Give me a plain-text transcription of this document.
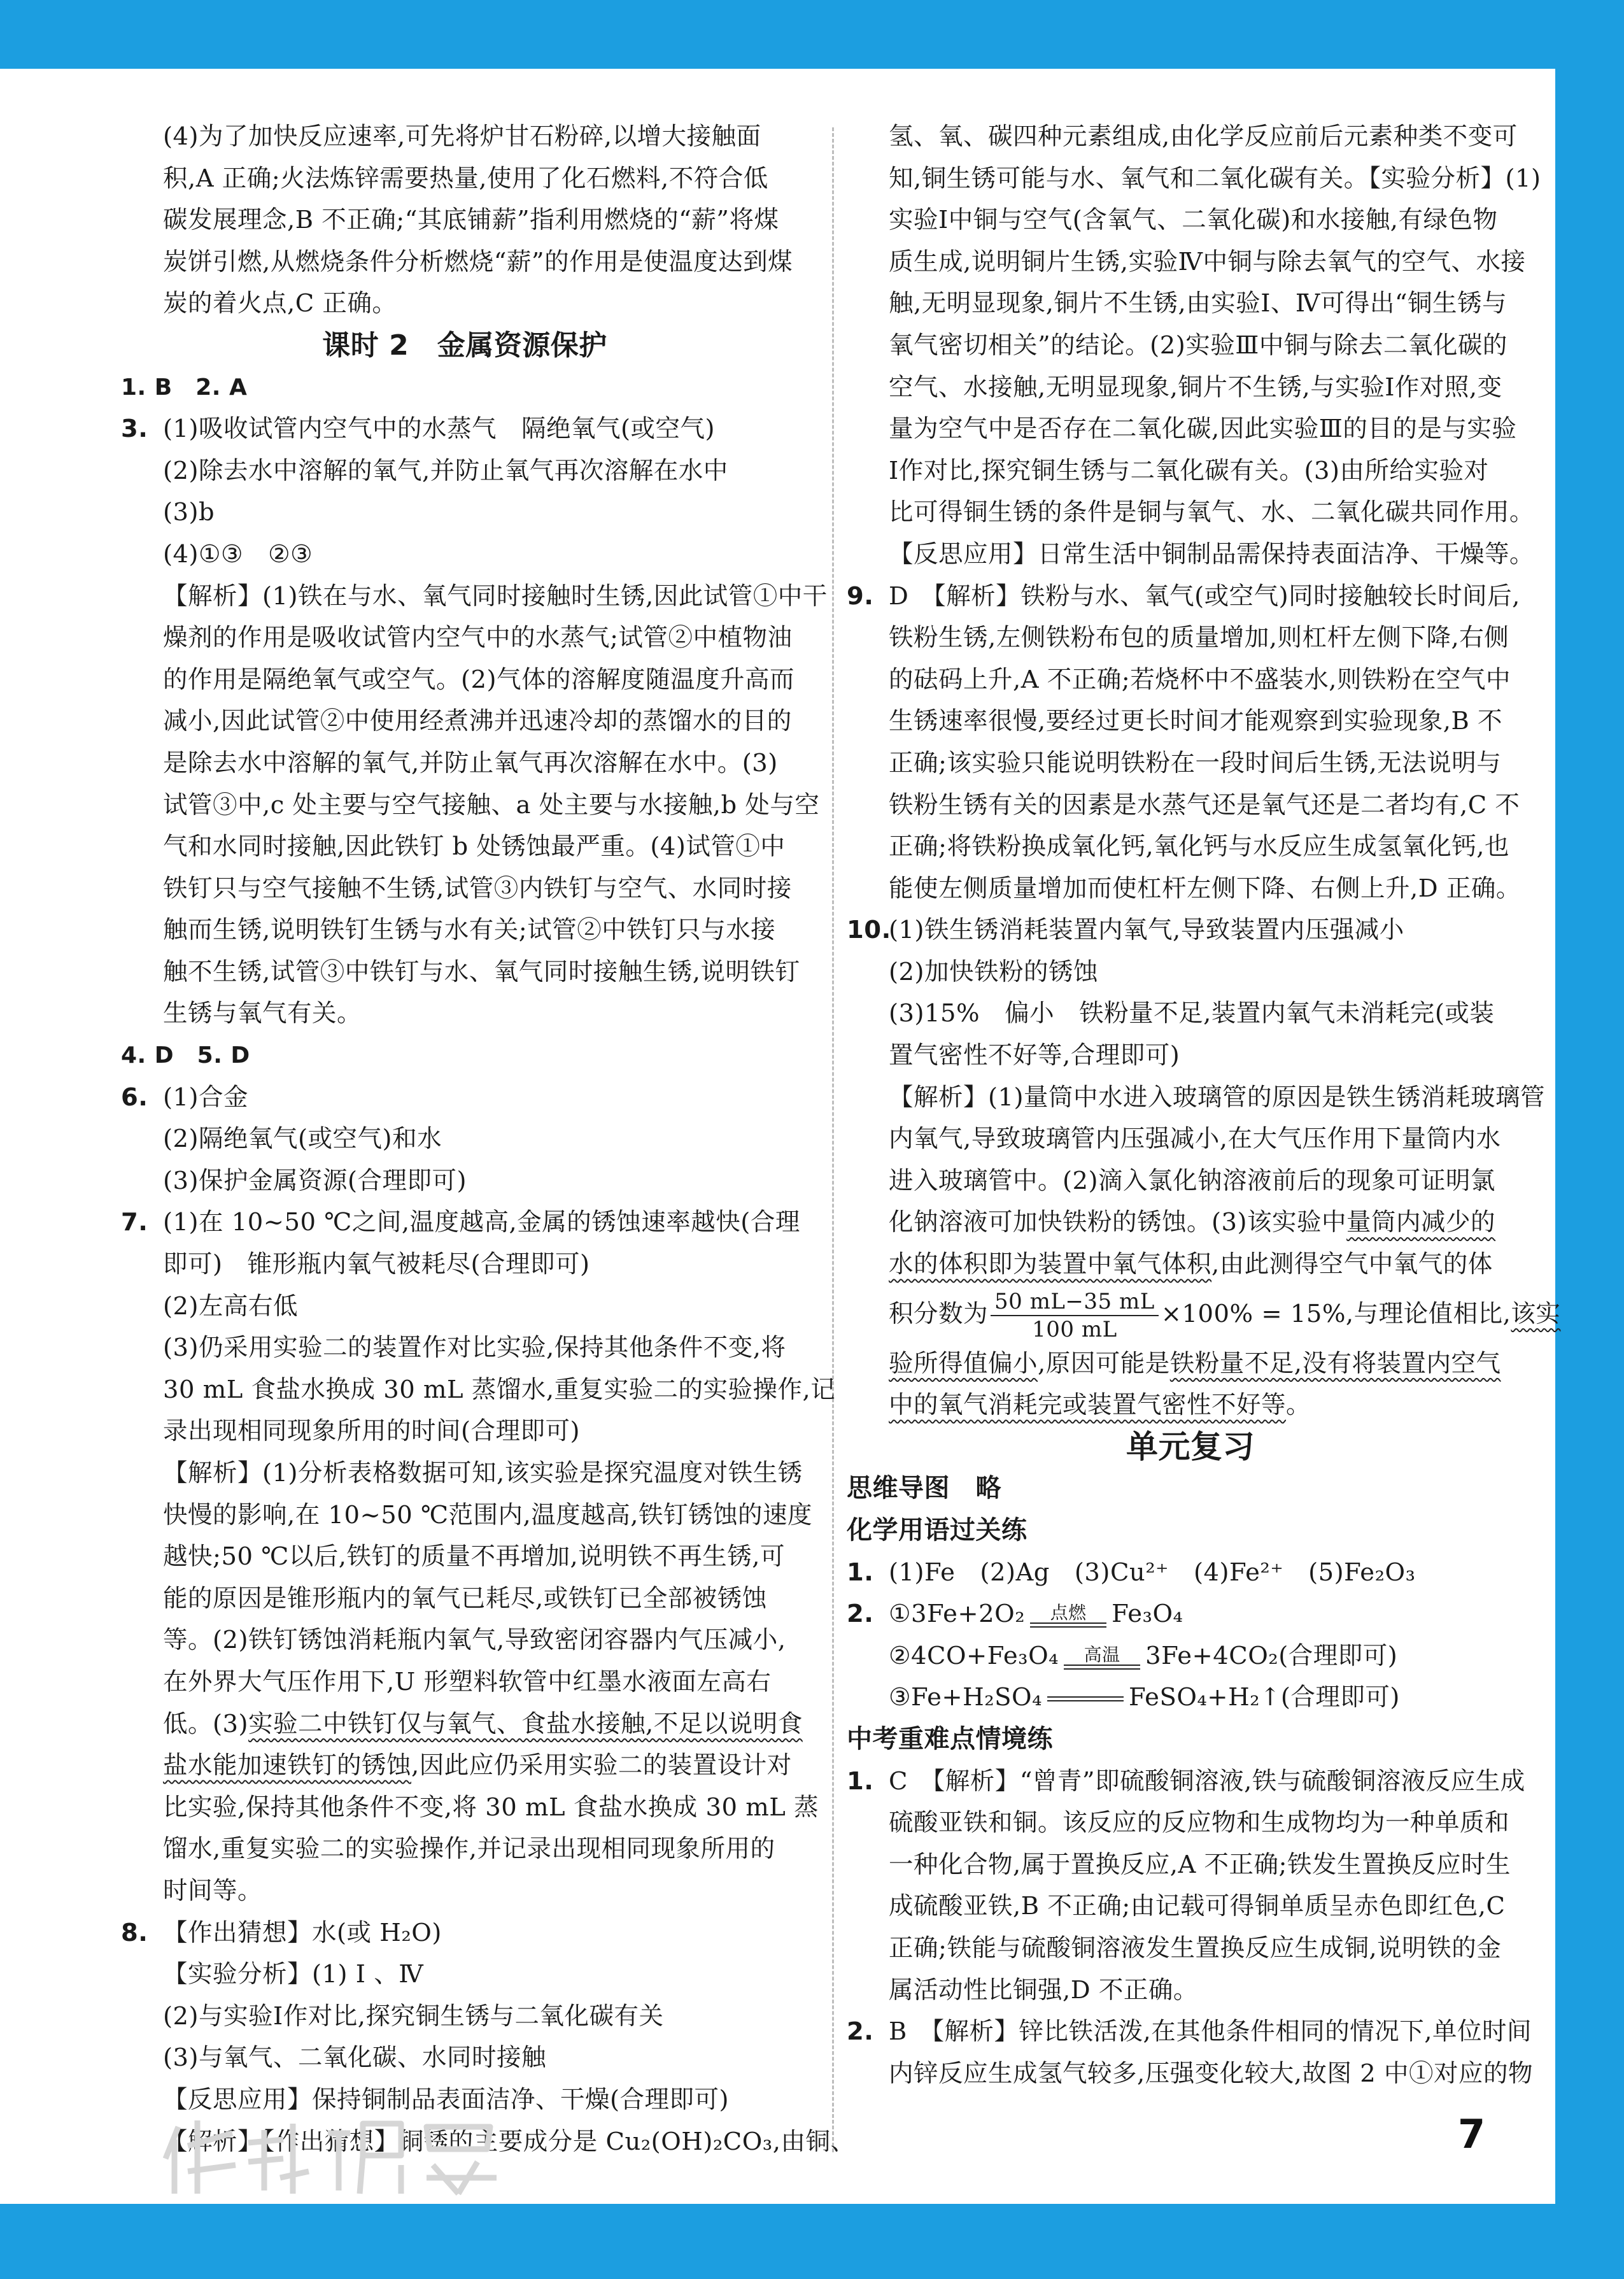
(4)为了加快反应速率,可先将炉甘石粉碎,以增大接触面
积,A 正确;火法炼锌需要热量,使用了化石燃料,不符合低
碳发展理念,B 不正确;“其底铺薪”指利用燃烧的“薪”将煤
炭饼引燃,从燃烧条件分析燃烧“薪”的作用是使温度达到煤
炭的着火点,C 正确。
课时 2　金属资源保护
1. B　2. A
3. (1)吸收试管内空气中的水蒸气　隔绝氧气(或空气)
(2)除去水中溶解的氧气,并防止氧气再次溶解在水中
(3)b
(4)①③　②③
【解析】(1)铁在与水、氧气同时接触时生锈,因此试管①中干
燥剂的作用是吸收试管内空气中的水蒸气;试管②中植物油
的作用是隔绝氧气或空气。(2)气体的溶解度随温度升高而
减小,因此试管②中使用经煮沸并迅速冷却的蒸馏水的目的
是除去水中溶解的氧气,并防止氧气再次溶解在水中。(3)
试管③中,c 处主要与空气接触、a 处主要与水接触,b 处与空
气和水同时接触,因此铁钉 b 处锈蚀最严重。(4)试管①中
铁钉只与空气接触不生锈,试管③内铁钉与空气、水同时接
触而生锈,说明铁钉生锈与水有关;试管②中铁钉只与水接
触不生锈,试管③中铁钉与水、氧气同时接触生锈,说明铁钉
生锈与氧气有关。
4. D　5. D
6. (1)合金
(2)隔绝氧气(或空气)和水
(3)保护金属资源(合理即可)
7. (1)在 10~50 ℃之间,温度越高,金属的锈蚀速率越快(合理
即可)　锥形瓶内氧气被耗尽(合理即可)
(2)左高右低
(3)仍采用实验二的装置作对比实验,保持其他条件不变,将
30 mL 食盐水换成 30 mL 蒸馏水,重复实验二的实验操作,记
录出现相同现象所用的时间(合理即可)
【解析】(1)分析表格数据可知,该实验是探究温度对铁生锈
快慢的影响,在 10~50 ℃范围内,温度越高,铁钉锈蚀的速度
越快;50 ℃以后,铁钉的质量不再增加,说明铁不再生锈,可
能的原因是锥形瓶内的氧气已耗尽,或铁钉已全部被锈蚀
等。(2)铁钉锈蚀消耗瓶内氧气,导致密闭容器内气压减小,
在外界大气压作用下,U 形塑料软管中红墨水液面左高右
低。(3)实验二中铁钉仅与氧气、食盐水接触,不足以说明食
盐水能加速铁钉的锈蚀,因此应仍采用实验二的装置设计对
比实验,保持其他条件不变,将 30 mL 食盐水换成 30 mL 蒸
馏水,重复实验二的实验操作,并记录出现相同现象所用的
时间等。
8. 【作出猜想】水(或 H₂O)
【实验分析】(1) Ⅰ 、Ⅳ
(2)与实验Ⅰ作对比,探究铜生锈与二氧化碳有关
(3)与氧气、二氧化碳、水同时接触
【反思应用】保持铜制品表面洁净、干燥(合理即可)
【解析】【作出猜想】铜锈的主要成分是 Cu₂(OH)₂CO₃,由铜、
氢、氧、碳四种元素组成,由化学反应前后元素种类不变可
知,铜生锈可能与水、氧气和二氧化碳有关。【实验分析】(1)
实验Ⅰ中铜与空气(含氧气、二氧化碳)和水接触,有绿色物
质生成,说明铜片生锈,实验Ⅳ中铜与除去氧气的空气、水接
触,无明显现象,铜片不生锈,由实验Ⅰ、Ⅳ可得出“铜生锈与
氧气密切相关”的结论。(2)实验Ⅲ中铜与除去二氧化碳的
空气、水接触,无明显现象,铜片不生锈,与实验Ⅰ作对照,变
量为空气中是否存在二氧化碳,因此实验Ⅲ的目的是与实验
Ⅰ作对比,探究铜生锈与二氧化碳有关。(3)由所给实验对
比可得铜生锈的条件是铜与氧气、水、二氧化碳共同作用。
【反思应用】日常生活中铜制品需保持表面洁净、干燥等。
9. D　【解析】铁粉与水、氧气(或空气)同时接触较长时间后,
铁粉生锈,左侧铁粉布包的质量增加,则杠杆左侧下降,右侧
的砝码上升,A 不正确;若烧杯中不盛装水,则铁粉在空气中
生锈速率很慢,要经过更长时间才能观察到实验现象,B 不
正确;该实验只能说明铁粉在一段时间后生锈,无法说明与
铁粉生锈有关的因素是水蒸气还是氧气还是二者均有,C 不
正确;将铁粉换成氧化钙,氧化钙与水反应生成氢氧化钙,也
能使左侧质量增加而使杠杆左侧下降、右侧上升,D 正确。
10.
(1)铁生锈消耗装置内氧气,导致装置内压强减小
(2)加快铁粉的锈蚀
(3)15%　偏小　铁粉量不足,装置内氧气未消耗完(或装
置气密性不好等,合理即可)
【解析】(1)量筒中水进入玻璃管的原因是铁生锈消耗玻璃管
内氧气,导致玻璃管内压强减小,在大气压作用下量筒内水
进入玻璃管中。(2)滴入氯化钠溶液前后的现象可证明氯
化钠溶液可加快铁粉的锈蚀。(3)该实验中量筒内减少的
水的体积即为装置中氧气体积,由此测得空气中氧气的体
积分数为 $\frac{50 mL-35 mL}{100 mL} \times 100\% = 15\%$,与理论值相比,该实
验所得值偏小,原因可能是铁粉量不足,没有将装置内空气
中的氧气消耗完或装置气密性不好等。
单元复习
思维导图　略
化学用语过关练
1. (1)Fe　(2)Ag　(3)Cu²⁺　(4)Fe²⁺　(5)Fe₂O₃
2. ①3Fe+2O₂	点燃	Fe₃O₄
②4CO+Fe₃O₄	高温	3Fe+4CO₂(合理即可)
③Fe+H₂SO₄	FeSO₄+H₂↑(合理即可)
中考重难点情境练
1. C　【解析】“曾青”即硫酸铜溶液,铁与硫酸铜溶液反应生成
硫酸亚铁和铜。该反应的反应物和生成物均为一种单质和
一种化合物,属于置换反应,A 不正确;铁发生置换反应时生
成硫酸亚铁,B 不正确;由记载可得铜单质呈赤色即红色,C
正确;铁能与硫酸铜溶液发生置换反应生成铜,说明铁的金
属活动性比铜强,D 不正确。
2. B　【解析】锌比铁活泼,在其他条件相同的情况下,单位时间
内锌反应生成氢气较多,压强变化较大,故图 2 中①对应的物
7
